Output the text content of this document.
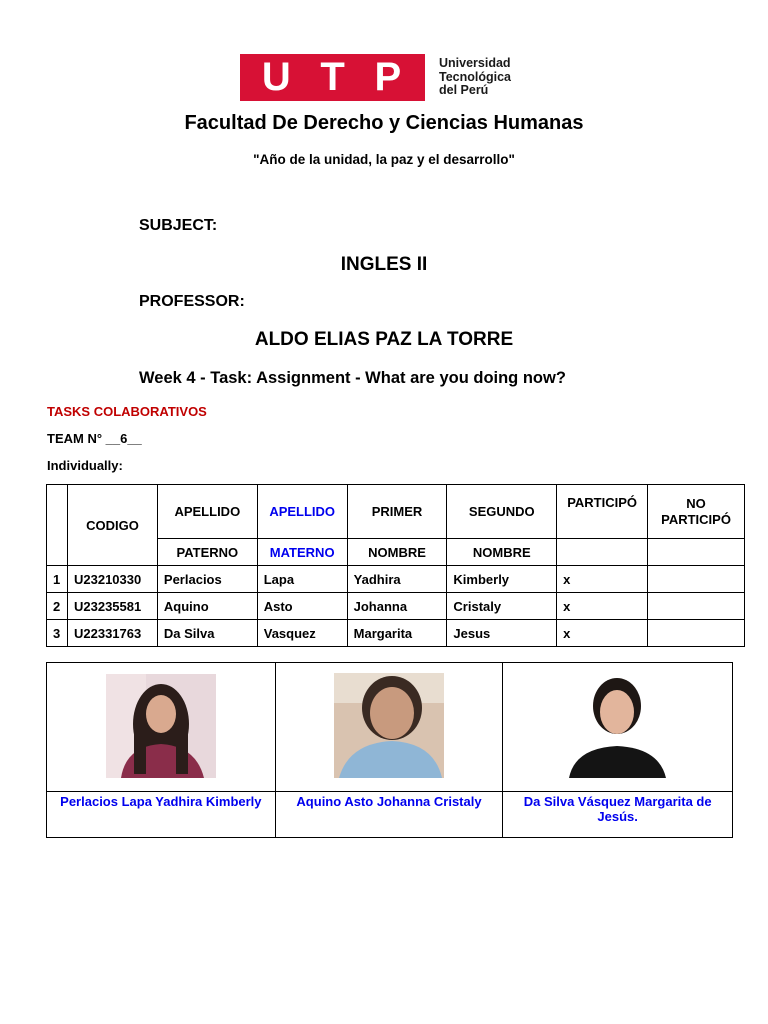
U T P	Universidad
Tecnológica
del Perú
Facultad De Derecho y Ciencias Humanas
"Año de la unidad, la paz y el desarrollo"
SUBJECT:
INGLES II
PROFESSOR:
ALDO ELIAS PAZ LA TORRE
Week 4 - Task: Assignment - What are you doing now?
TASKS COLABORATIVOS
TEAM N° __6__
Individually:
	CODIGO	APELLIDO	APELLIDO	PRIMER	SEGUNDO	PARTICIPÓ	NO PARTICIPÓ
		PATERNO	MATERNO	NOMBRE	NOMBRE		
1	U23210330	Perlacios	Lapa	Yadhira	Kimberly	x	
2	U23235581	Aquino	Asto	Johanna	Cristaly	x	
3	U22331763	Da Silva	Vasquez	Margarita	Jesus	x	

Perlacios Lapa Yadhira Kimberly	Aquino Asto Johanna Cristaly	Da Silva Vásquez Margarita de Jesús.
